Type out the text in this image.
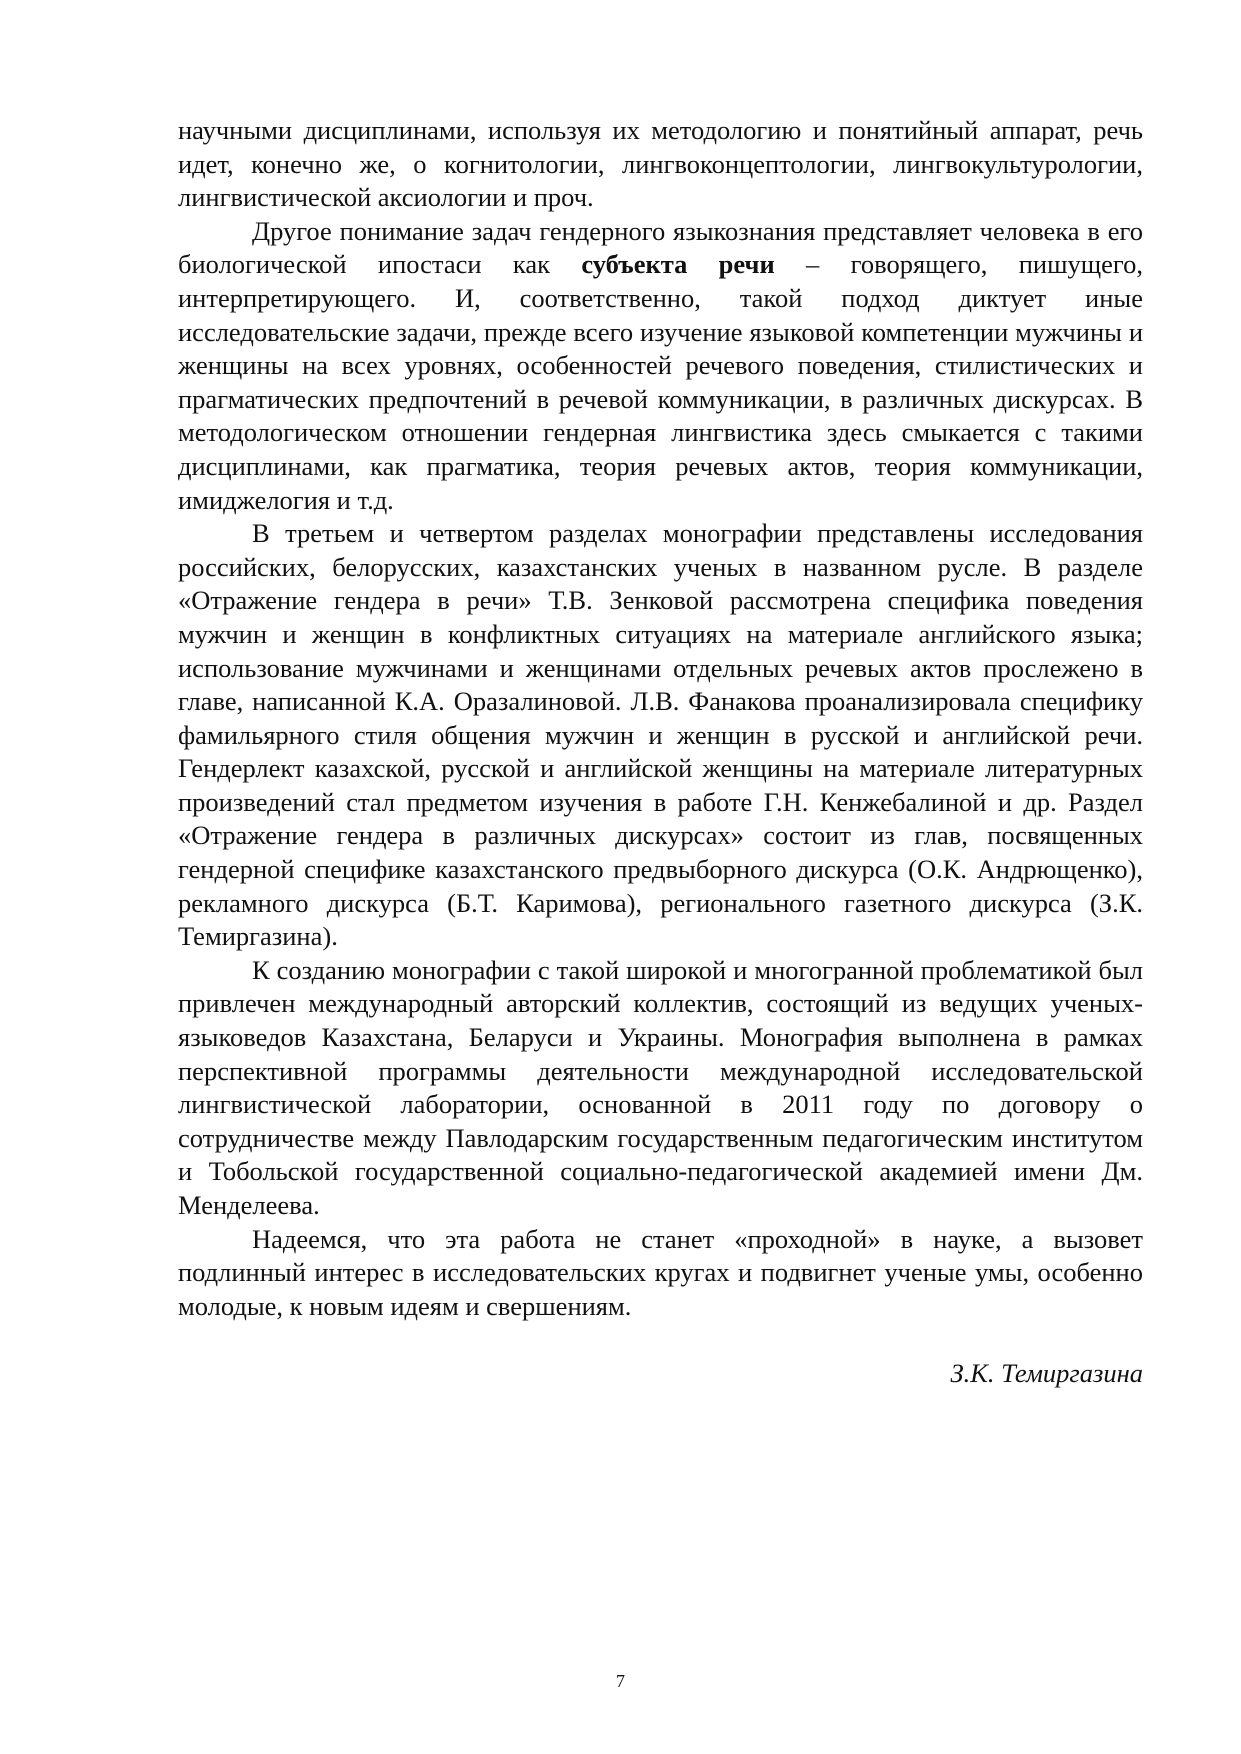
научными дисциплинами, используя их методологию и понятийный аппарат, речь идет, конечно же, о когнитологии, лингвоконцептологии, лингвокультурологии, лингвистической аксиологии и проч.

Другое понимание задач гендерного языкознания представляет человека в его биологической ипостаси как субъекта речи – говорящего, пишущего, интерпретирующего. И, соответственно, такой подход диктует иные исследовательские задачи, прежде всего изучение языковой компетенции мужчины и женщины на всех уровнях, особенностей речевого поведения, стилистических и прагматических предпочтений в речевой коммуникации, в различных дискурсах. В методологическом отношении гендерная лингвистика здесь смыкается с такими дисциплинами, как прагматика, теория речевых актов, теория коммуникации, имиджелогия и т.д.

В третьем и четвертом разделах монографии представлены исследования российских, белорусских, казахстанских ученых в названном русле. В разделе «Отражение гендера в речи» Т.В. Зенковой рассмотрена специфика поведения мужчин и женщин в конфликтных ситуациях на материале английского языка; использование мужчинами и женщинами отдельных речевых актов прослежено в главе, написанной К.А. Оразалиновой. Л.В. Фанакова проанализировала специфику фамильярного стиля общения мужчин и женщин в русской и английской речи. Гендерлект казахской, русской и английской женщины на материале литературных произведений стал предметом изучения в работе Г.Н. Кенжебалиной и др. Раздел «Отражение гендера в различных дискурсах» состоит из глав, посвященных гендерной специфике казахстанского предвыборного дискурса (О.К. Андрющенко), рекламного дискурса (Б.Т. Каримова), регионального газетного дискурса (З.К. Темиргазина).

К созданию монографии с такой широкой и многогранной проблематикой был привлечен международный авторский коллектив, состоящий из ведущих ученых-языковедов Казахстана, Беларуси и Украины. Монография выполнена в рамках перспективной программы деятельности международной исследовательской лингвистической лаборатории, основанной в 2011 году по договору о сотрудничестве между Павлодарским государственным педагогическим институтом и Тобольской государственной социально-педагогической академией имени Дм. Менделеева.

Надеемся, что эта работа не станет «проходной» в науке, а вызовет подлинный интерес в исследовательских кругах и подвигнет ученые умы, особенно молодые, к новым идеям и свершениям.

З.К. Темиргазина

7
